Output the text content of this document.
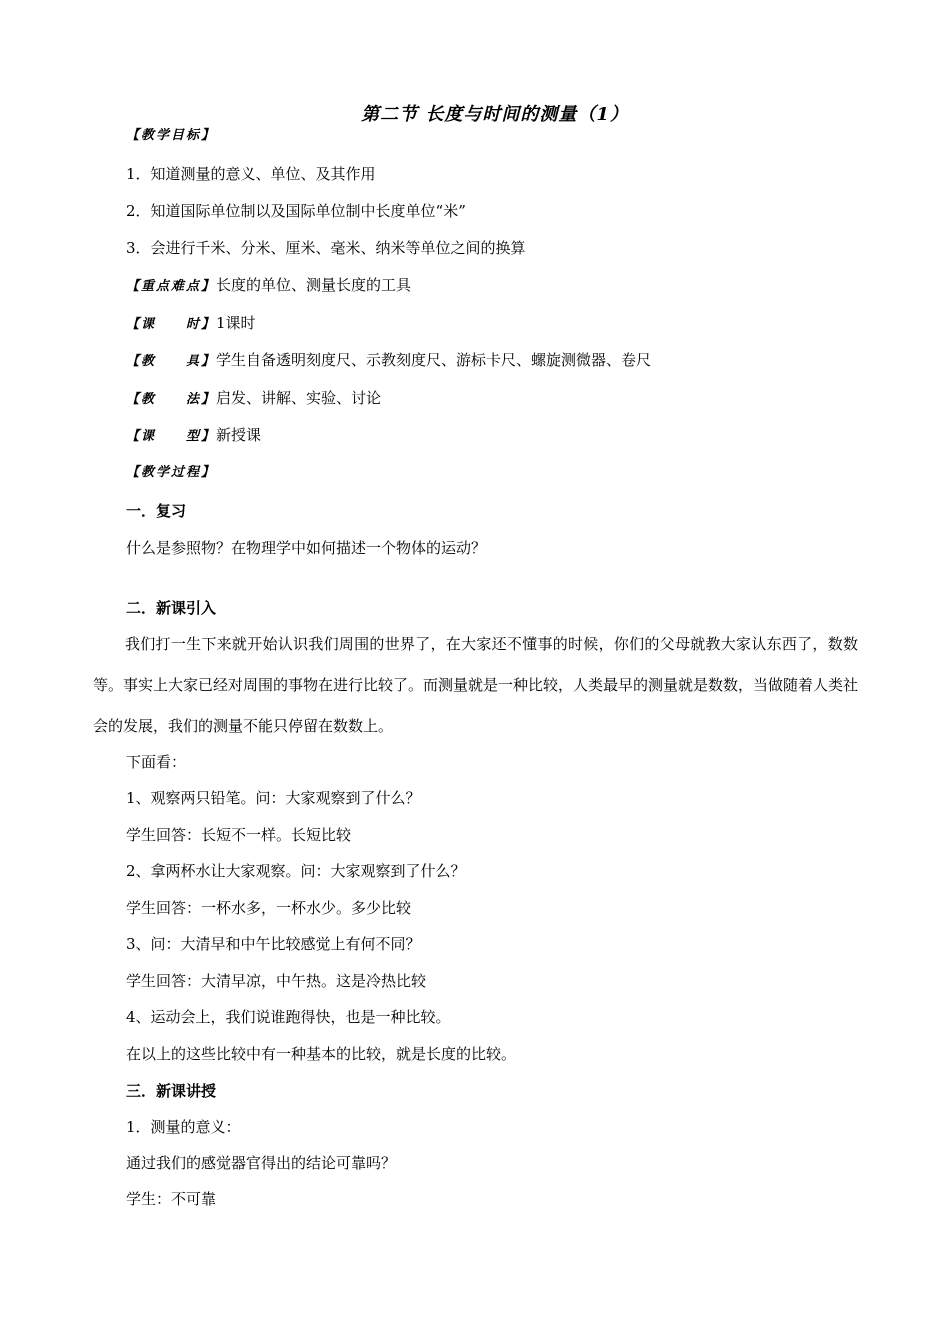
第二节 长度与时间的测量（1）
【教学目标】
1．知道测量的意义、单位、及其作用
2．知道国际单位制以及国际单位制中长度单位“米”
3．会进行千米、分米、厘米、毫米、纳米等单位之间的换算
【重点难点】长度的单位、测量长度的工具
【课　　时】1课时
【教　　具】学生自备透明刻度尺、示教刻度尺、游标卡尺、螺旋测微器、卷尺
【教　　法】启发、讲解、实验、讨论
【课　　型】新授课
【教学过程】
一．复习
什么是参照物？在物理学中如何描述一个物体的运动？
二．新课引入
我们打一生下来就开始认识我们周围的世界了，在大家还不懂事的时候，你们的父母就教大家认东西了，数数等。事实上大家已经对周围的事物在进行比较了。而测量就是一种比较，人类最早的测量就是数数，当做随着人类社会的发展，我们的测量不能只停留在数数上。
下面看：
1、观察两只铅笔。问：大家观察到了什么？
学生回答：长短不一样。长短比较
2、拿两杯水让大家观察。问：大家观察到了什么？
学生回答：一杯水多，一杯水少。多少比较
3、问：大清早和中午比较感觉上有何不同？
学生回答：大清早凉，中午热。这是冷热比较
4、运动会上，我们说谁跑得快，也是一种比较。
在以上的这些比较中有一种基本的比较，就是长度的比较。
三．新课讲授
1．测量的意义：
通过我们的感觉器官得出的结论可靠吗？
学生：不可靠
